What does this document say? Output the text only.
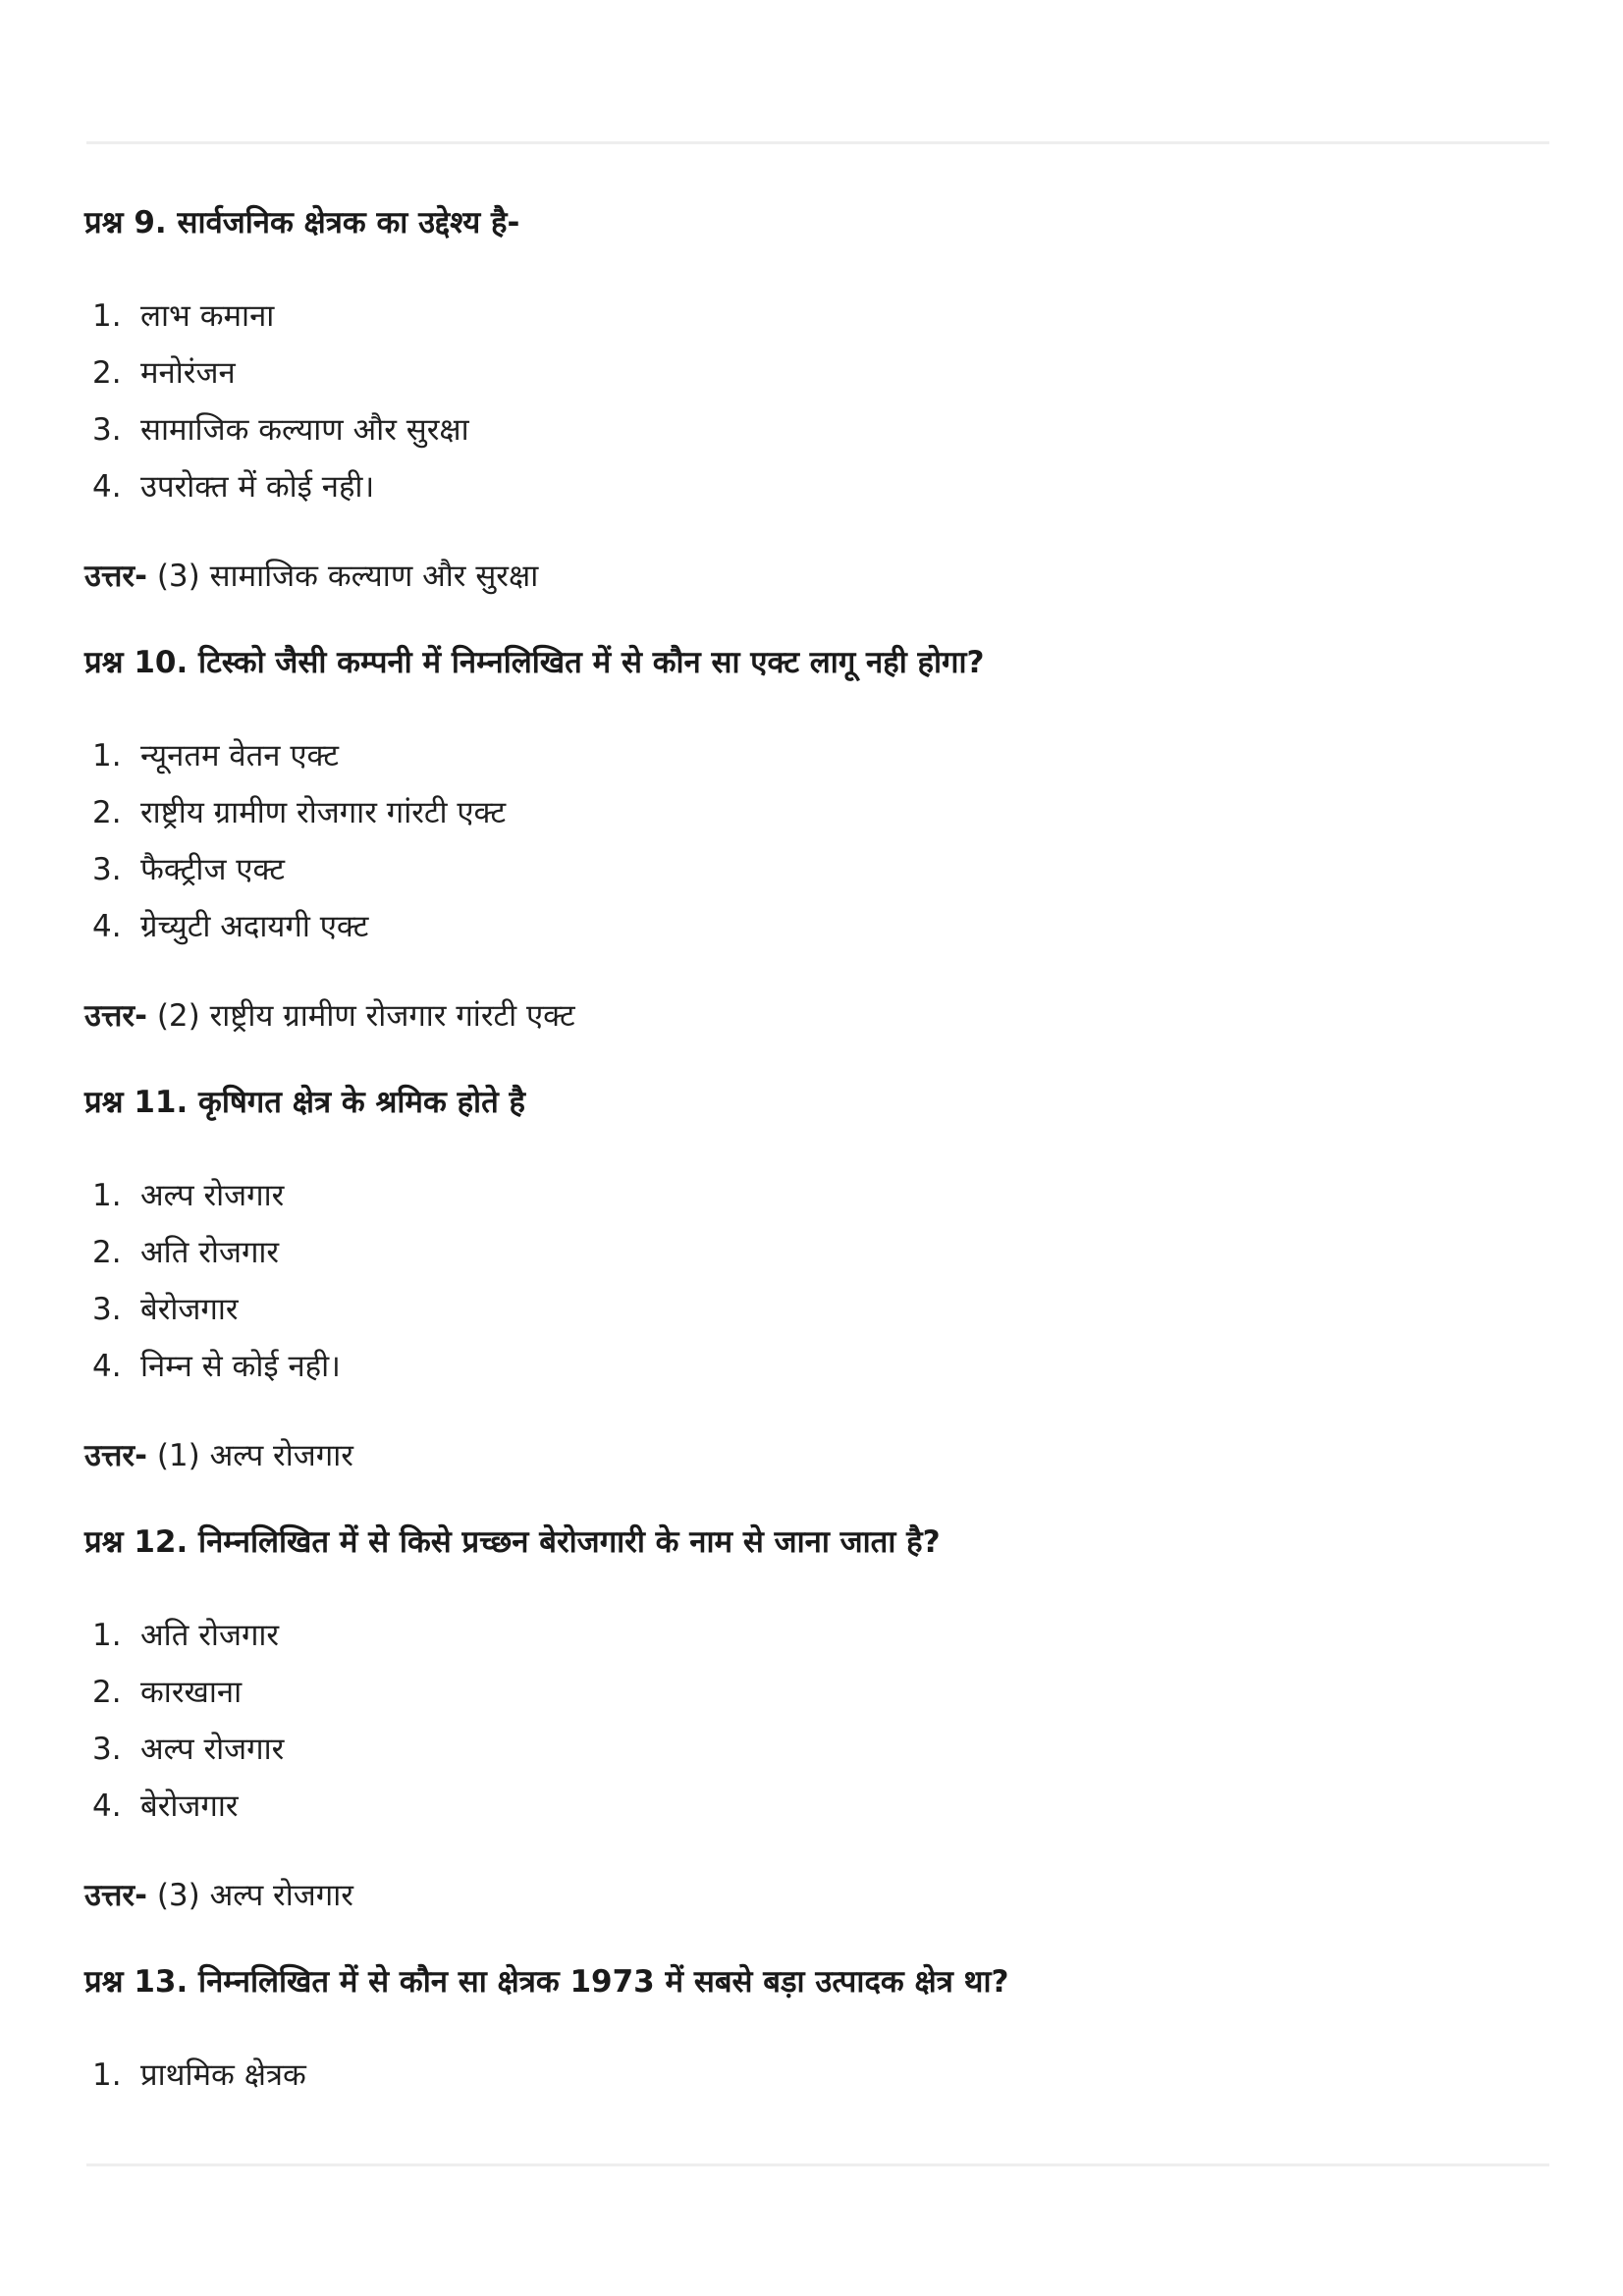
प्रश्न 9. सार्वजनिक क्षेत्रक का उद्देश्य है-
1. लाभ कमाना
2. मनोरंजन
3. सामाजिक कल्याण और सुरक्षा
4. उपरोक्त में कोई नही।
उत्तर- (3) सामाजिक कल्याण और सुरक्षा
प्रश्न 10. टिस्को जैसी कम्पनी में निम्नलिखित में से कौन सा एक्ट लागू नही होगा?
1. न्यूनतम वेतन एक्ट
2. राष्ट्रीय ग्रामीण रोजगार गांरटी एक्ट
3. फैक्ट्रीज एक्ट
4. ग्रेच्युटी अदायगी एक्ट
उत्तर- (2) राष्ट्रीय ग्रामीण रोजगार गांरटी एक्ट
प्रश्न 11. कृषिगत क्षेत्र के श्रमिक होते है
1. अल्प रोजगार
2. अति रोजगार
3. बेरोजगार
4. निम्न से कोई नही।
उत्तर- (1) अल्प रोजगार
प्रश्न 12. निम्नलिखित में से किसे प्रच्छन बेरोजगारी के नाम से जाना जाता है?
1. अति रोजगार
2. कारखाना
3. अल्प रोजगार
4. बेरोजगार
उत्तर- (3) अल्प रोजगार
प्रश्न 13. निम्नलिखित में से कौन सा क्षेत्रक 1973 में सबसे बड़ा उत्पादक क्षेत्र था?
1. प्राथमिक क्षेत्रक
